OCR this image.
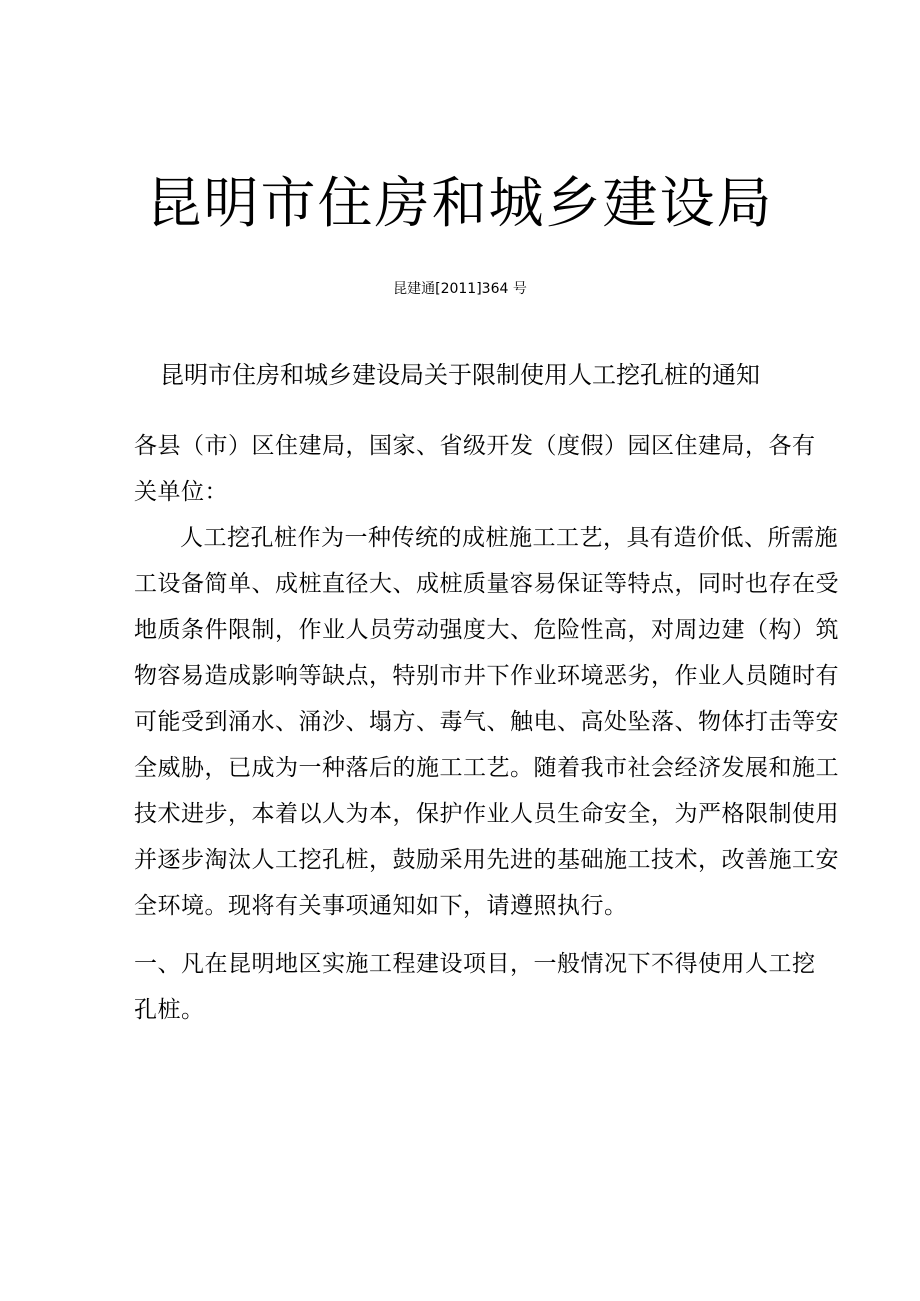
昆明市住房和城乡建设局
昆建通[2011]364 号
昆明市住房和城乡建设局关于限制使用人工挖孔桩的通知
各县（市）区住建局，国家、省级开发（度假）园区住建局，各有
关单位：
人工挖孔桩作为一种传统的成桩施工工艺，具有造价低、所需施
工设备简单、成桩直径大、成桩质量容易保证等特点，同时也存在受
地质条件限制，作业人员劳动强度大、危险性高，对周边建（构）筑
物容易造成影响等缺点，特别市井下作业环境恶劣，作业人员随时有
可能受到涌水、涌沙、塌方、毒气、触电、高处坠落、物体打击等安
全威胁，已成为一种落后的施工工艺。随着我市社会经济发展和施工
技术进步，本着以人为本，保护作业人员生命安全，为严格限制使用
并逐步淘汰人工挖孔桩，鼓励采用先进的基础施工技术，改善施工安
全环境。现将有关事项通知如下，请遵照执行。
一、凡在昆明地区实施工程建设项目，一般情况下不得使用人工挖
孔桩。
